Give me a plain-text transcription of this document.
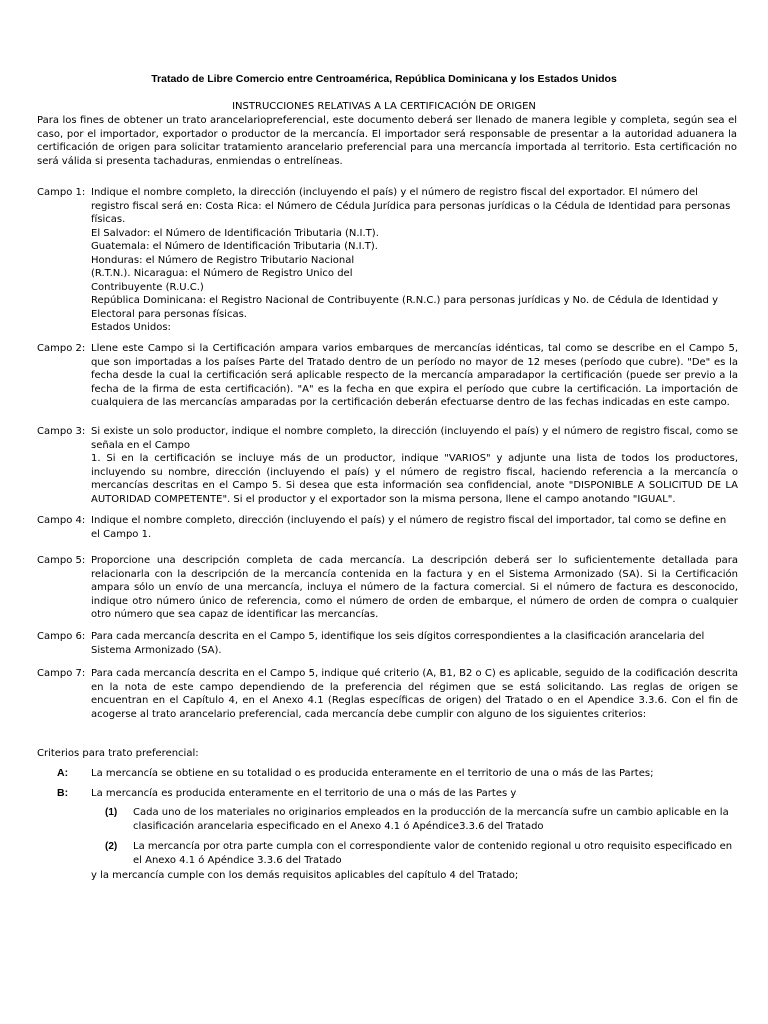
Tratado de Libre Comercio entre Centroamérica, República Dominicana y los Estados Unidos
INSTRUCCIONES RELATIVAS A LA CERTIFICACIÓN DE ORIGEN
Para los fines de obtener un trato arancelariopreferencial, este documento deberá ser llenado de manera legible y completa, según sea el caso, por el importador, exportador o productor de la mercancía. El importador será responsable de presentar a la autoridad aduanera la certificación de origen para solicitar tratamiento arancelario preferencial para una mercancía importada al territorio. Esta certificación no será válida si presenta tachaduras, enmiendas o entrelíneas.
Campo 1: Indique el nombre completo, la dirección (incluyendo el país) y el número de registro fiscal del exportador. El número del registro fiscal será en: Costa Rica: el Número de Cédula Jurídica para personas jurídicas o la Cédula de Identidad para personas físicas.

El Salvador: el Número de Identificación Tributaria (N.I.T).

Guatemala: el Número de Identificación Tributaria (N.I.T).

Honduras: el Número de Registro Tributario Nacional

(R.T.N.). Nicaragua: el Número de Registro Unico del

Contribuyente (R.U.C.)

República Dominicana: el Registro Nacional de Contribuyente (R.N.C.) para personas jurídicas y No. de Cédula de Identidad y Electoral para personas físicas.

Estados Unidos:

Campo 2: Llene este Campo si la Certificación ampara varios embarques de mercancías idénticas, tal como se describe en el Campo 5, que son importadas a los países Parte del Tratado dentro de un período no mayor de 12 meses (período que cubre). "De" es la fecha desde la cual la certificación será aplicable respecto de la mercancía amparadapor la certificación (puede ser previo a la fecha de la firma de esta certificación). "A" es la fecha en que expira el período que cubre la certificación. La importación de cualquiera de las mercancías amparadas por la certificación deberán efectuarse dentro de las fechas indicadas en este campo.

Campo 3: Si existe un solo productor, indique el nombre completo, la dirección (incluyendo el país) y el número de registro fiscal, como se señala en el Campo

1. Si en la certificación se incluye más de un productor, indique "VARIOS" y adjunte una lista de todos los productores, incluyendo su nombre, dirección (incluyendo el país) y el número de registro fiscal, haciendo referencia a la mercancía o mercancías descritas en el Campo 5. Si desea que esta información sea confidencial, anote "DISPONIBLE A SOLICITUD DE LA AUTORIDAD COMPETENTE". Si el productor y el exportador son la misma persona, llene el campo anotando "IGUAL".

Campo 4: Indique el nombre completo, dirección (incluyendo el país) y el número de registro fiscal del importador, tal como se define en el Campo 1.

Campo 5: Proporcione una descripción completa de cada mercancía. La descripción deberá ser lo suficientemente detallada para relacionarla con la descripción de la mercancía contenida en la factura y en el Sistema Armonizado (SA). Si la Certificación ampara sólo un envío de una mercancía, incluya el número de la factura comercial. Si el número de factura es desconocido, indique otro número único de referencia, como el número de orden de embarque, el número de orden de compra o cualquier otro número que sea capaz de identificar las mercancías.

Campo 6: Para cada mercancía descrita en el Campo 5, identifique los seis dígitos correspondientes a la clasificación arancelaria del Sistema Armonizado (SA).

Campo 7: Para cada mercancía descrita en el Campo 5, indique qué criterio (A, B1, B2 o C) es aplicable, seguido de la codificación descrita en la nota de este campo dependiendo de la preferencia del régimen que se está solicitando. Las reglas de origen se encuentran en el Capítulo 4, en el Anexo 4.1 (Reglas específicas de origen) del Tratado o en el Apendice 3.3.6. Con el fin de acogerse al trato arancelario preferencial, cada mercancía debe cumplir con alguno de los siguientes criterios:

Criterios para trato preferencial:
A: La mercancía se obtiene en su totalidad o es producida enteramente en el territorio de una o más de las Partes;
B: La mercancía es producida enteramente en el territorio de una o más de las Partes y
(1) Cada uno de los materiales no originarios empleados en la producción de la mercancía sufre un cambio aplicable en la clasificación arancelaria especificado en el Anexo 4.1 ó Apéndice3.3.6 del Tratado
(2) La mercancía por otra parte cumpla con el correspondiente valor de contenido regional u otro requisito especificado en el Anexo 4.1 ó Apéndice 3.3.6 del Tratado
y la mercancía cumple con los demás requisitos aplicables del capítulo 4 del Tratado;
